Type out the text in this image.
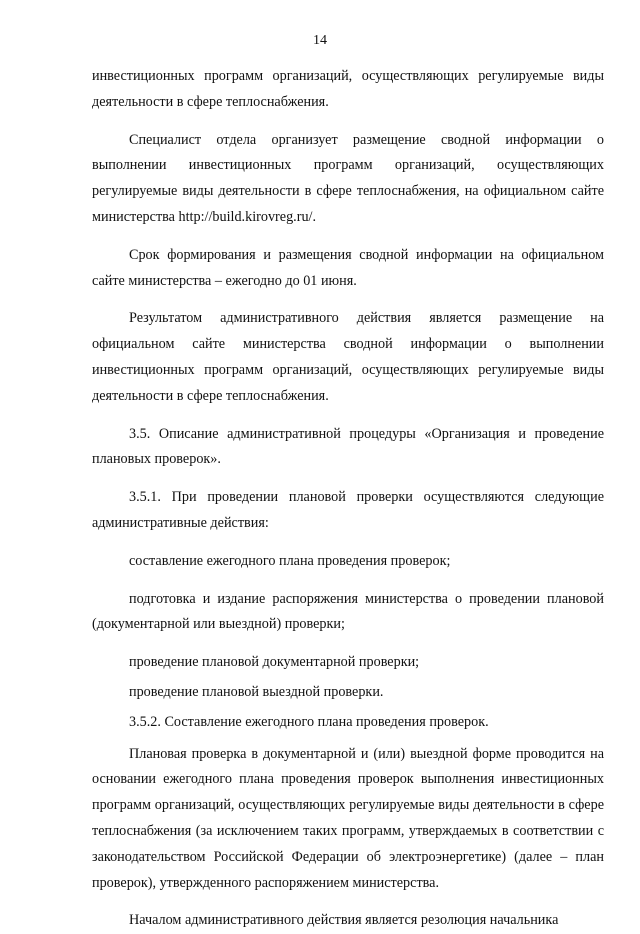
14

инвестиционных программ организаций, осуществляющих регулируемые виды деятельности в сфере теплоснабжения.

Специалист отдела организует размещение сводной информации о выполнении инвестиционных программ организаций, осуществляющих регулируемые виды деятельности в сфере теплоснабжения, на официальном сайте министерства http://build.kirovreg.ru/.

Срок формирования и размещения сводной информации на официальном сайте министерства – ежегодно до 01 июня.

Результатом административного действия является размещение на официальном сайте министерства сводной информации о выполнении инвестиционных программ организаций, осуществляющих регулируемые виды деятельности в сфере теплоснабжения.

3.5. Описание административной процедуры «Организация и проведение плановых проверок».

3.5.1. При проведении плановой проверки осуществляются следующие административные действия:

составление ежегодного плана проведения проверок;

подготовка и издание распоряжения министерства о проведении плановой (документарной или выездной) проверки;

проведение плановой документарной проверки;

проведение плановой выездной проверки.

3.5.2. Составление ежегодного плана проведения проверок.

Плановая проверка в документарной и (или) выездной форме проводится на основании ежегодного плана проведения проверок выполнения инвестиционных программ организаций, осуществляющих регулируемые виды деятельности в сфере теплоснабжения (за исключением таких программ, утверждаемых в соответствии с законодательством Российской Федерации об электроэнергетике) (далее – план проверок), утвержденного распоряжением министерства.

Началом административного действия является резолюция начальника
